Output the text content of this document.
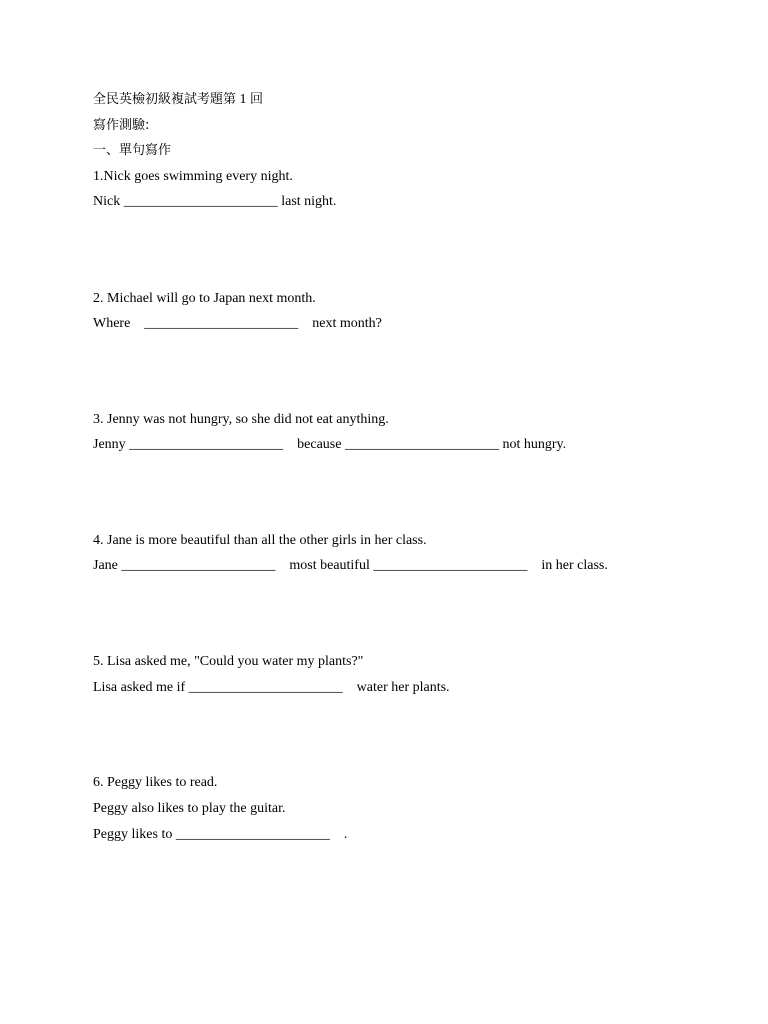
全民英檢初級複試考題第 1 回
寫作測驗:
一、單句寫作
1.Nick goes swimming every night.
Nick ______________________ last night.
2. Michael will go to Japan next month.
Where    ______________________    next month?
3. Jenny was not hungry, so she did not eat anything.
Jenny ______________________    because ______________________ not hungry.
4. Jane is more beautiful than all the other girls in her class.
Jane ______________________    most beautiful ______________________    in her class.
5. Lisa asked me, "Could you water my plants?"
Lisa asked me if ______________________    water her plants.
6. Peggy likes to read.
Peggy also likes to play the guitar.
Peggy likes to ______________________    .
